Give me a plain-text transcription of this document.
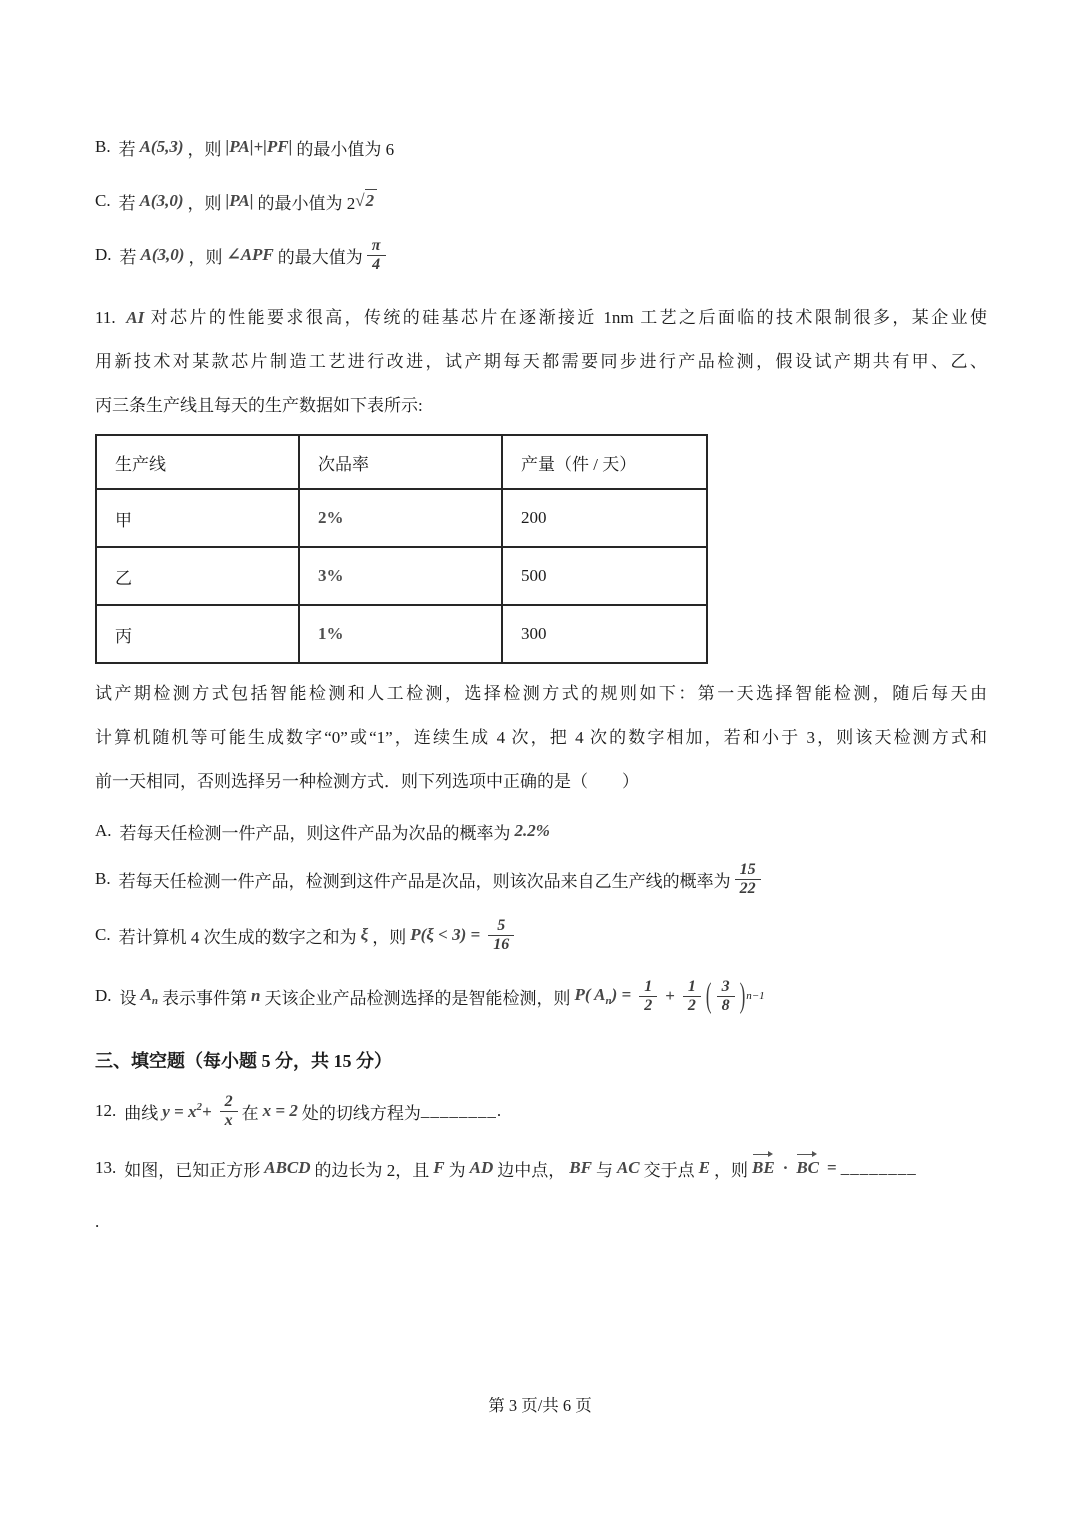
B. 若 A(5,3) ，则 |PA|+|PF| 的最小值为 6
C. 若 A(3,0) ，则 |PA| 的最小值为 2 √2
D. 若 A(3,0) ，则 ∠APF 的最大值为 $\frac{\pi}{4}$
11. AI 对芯片的性能要求很高，传统的硅基芯片在逐渐接近 1nm 工艺之后面临的技术限制很多，某企业使
用新技术对某款芯片制造工艺进行改进，试产期每天都需要同步进行产品检测，假设试产期共有甲、乙、
丙三条生产线且每天的生产数据如下表所示:
生产线	次品率	产量（件 / 天）
甲	2%	200
乙	3%	500
丙	1%	300
试产期检测方式包括智能检测和人工检测，选择检测方式的规则如下：第一天选择智能检测，随后每天由
计算机随机等可能生成数字“0”或“1”，连续生成 4 次，把 4 次的数字相加，若和小于 3，则该天检测方式和
前一天相同，否则选择另一种检测方式．则下列选项中正确的是（　　）
A. 若每天任检测一件产品，则这件产品为次品的概率为 2.2%
B. 若每天任检测一件产品，检测到这件产品是次品，则该次品来自乙生产线的概率为 $\frac{15}{22}$
C. 若计算机 4 次生成的数字之和为 ξ ，则 $P(\xi < 3) = \frac{5}{16}$
D. 设 $A_n$ 表示事件第 n 天该企业产品检测选择的是智能检测，则 P( $A_n) = \frac{1}{2} + \frac{1}{2}$ ( $\frac{3}{8}$ ) n−1
三、填空题（每小题 5 分，共 15 分）
12. 曲线 $y = x^2+ \frac{2}{x}$ 在 x = 2 处的切线方程为 ________ .
13. 如图，已知正方形 ABCD 的边长为 2，且 F 为 AD 边中点， BF 与 AC 交于点 E ，则 BE · BC = ________
.
第 3 页/共 6 页
